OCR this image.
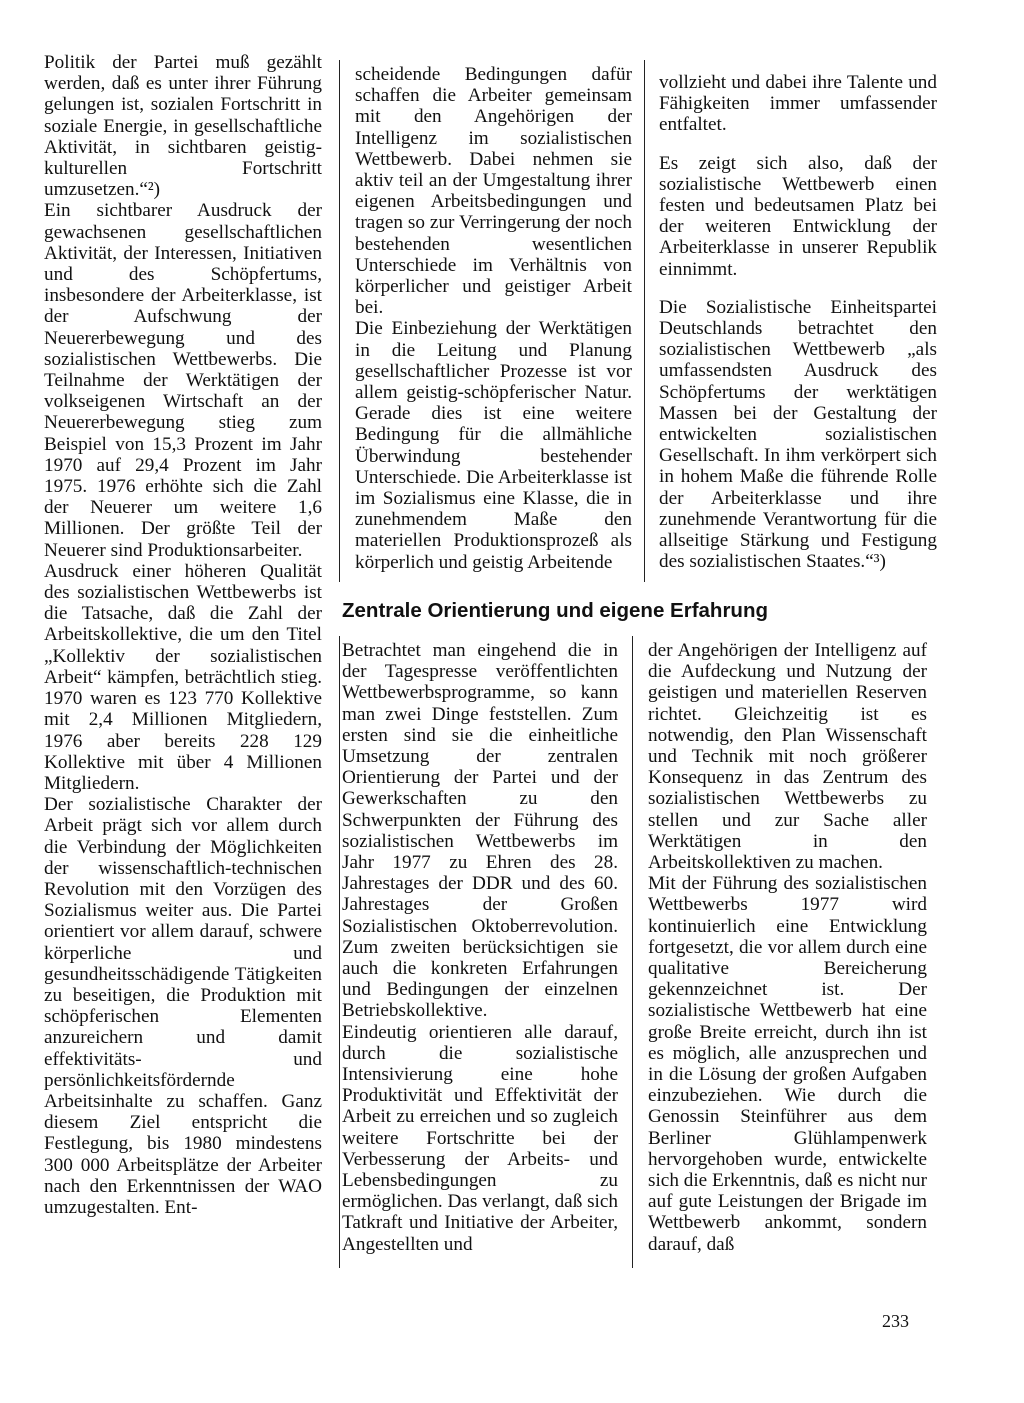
Politik der Partei muß gezählt werden, daß es unter ihrer Führung gelungen ist, sozialen Fortschritt in soziale Energie, in gesellschaftliche Aktivität, in sichtbaren geistig-kulturellen Fortschritt umzusetzen.“²)

Ein sichtbarer Ausdruck der gewachsenen gesellschaftlichen Aktivität, der Interessen, Initiativen und des Schöpfertums, insbesondere der Arbeiterklasse, ist der Aufschwung der Neuererbewegung und des sozialistischen Wettbewerbs. Die Teilnahme der Werktätigen der volkseigenen Wirtschaft an der Neuererbewegung stieg zum Beispiel von 15,3 Prozent im Jahr 1970 auf 29,4 Prozent im Jahr 1975. 1976 erhöhte sich die Zahl der Neuerer um weitere 1,6 Millionen. Der größte Teil der Neuerer sind Produktionsarbeiter.

Ausdruck einer höheren Qualität des sozialistischen Wettbewerbs ist die Tatsache, daß die Zahl der Arbeitskollektive, die um den Titel „Kollektiv der sozialistischen Arbeit“ kämpfen, beträchtlich stieg. 1970 waren es 123 770 Kollektive mit 2,4 Millionen Mitgliedern, 1976 aber bereits 228 129 Kollektive mit über 4 Millionen Mitgliedern.

Der sozialistische Charakter der Arbeit prägt sich vor allem durch die Verbindung der Möglichkeiten der wissenschaftlich-technischen Revolution mit den Vorzügen des Sozialismus weiter aus. Die Partei orientiert vor allem darauf, schwere körperliche und gesundheitsschädigende Tätigkeiten zu beseitigen, die Produktion mit schöpferischen Elementen anzureichern und damit effektivitäts- und persönlichkeitsfördernde Arbeitsinhalte zu schaffen. Ganz diesem Ziel entspricht die Festlegung, bis 1980 mindestens 300 000 Arbeitsplätze der Arbeiter nach den Erkenntnissen der WAO umzugestalten. Ent-

scheidende Bedingungen dafür schaffen die Arbeiter gemeinsam mit den Angehörigen der Intelligenz im sozialistischen Wettbewerb. Dabei nehmen sie aktiv teil an der Umgestaltung ihrer eigenen Arbeitsbedingungen und tragen so zur Verringerung der noch bestehenden wesentlichen Unterschiede im Verhältnis von körperlicher und geistiger Arbeit bei.

Die Einbeziehung der Werktätigen in die Leitung und Planung gesellschaftlicher Prozesse ist vor allem geistig-schöpferischer Natur. Gerade dies ist eine weitere Bedingung für die allmähliche Überwindung bestehender Unterschiede. Die Arbeiterklasse ist im Sozialismus eine Klasse, die in zunehmendem Maße den materiellen Produktionsprozeß als körperlich und geistig Arbeitende

vollzieht und dabei ihre Talente und Fähigkeiten immer umfassender entfaltet.

Es zeigt sich also, daß der sozialistische Wettbewerb einen festen und bedeutsamen Platz bei der weiteren Entwicklung der Arbeiterklasse in unserer Republik einnimmt.

Die Sozialistische Einheitspartei Deutschlands betrachtet den sozialistischen Wettbewerb „als umfassendsten Ausdruck des Schöpfertums der werktätigen Massen bei der Gestaltung der entwickelten sozialistischen Gesellschaft. In ihm verkörpert sich in hohem Maße die führende Rolle der Arbeiterklasse und ihre zunehmende Verantwortung für die allseitige Stärkung und Festigung des sozialistischen Staates.“³)

Zentrale Orientierung und eigene Erfahrung

Betrachtet man eingehend die in der Tagespresse veröffentlichten Wettbewerbsprogramme, so kann man zwei Dinge feststellen. Zum ersten sind sie die einheitliche Umsetzung der zentralen Orientierung der Partei und der Gewerkschaften zu den Schwerpunkten der Führung des sozialistischen Wettbewerbs im Jahr 1977 zu Ehren des 28. Jahrestages der DDR und des 60. Jahrestages der Großen Sozialistischen Oktoberrevolution. Zum zweiten berücksichtigen sie auch die konkreten Erfahrungen und Bedingungen der einzelnen Betriebskollektive.

Eindeutig orientieren alle darauf, durch die sozialistische Intensivierung eine hohe Produktivität und Effektivität der Arbeit zu erreichen und so zugleich weitere Fortschritte bei der Verbesserung der Arbeits- und Lebensbedingungen zu ermöglichen. Das verlangt, daß sich Tatkraft und Initiative der Arbeiter, Angestellten und

der Angehörigen der Intelligenz auf die Aufdeckung und Nutzung der geistigen und materiellen Reserven richtet. Gleichzeitig ist es notwendig, den Plan Wissenschaft und Technik mit noch größerer Konsequenz in das Zentrum des sozialistischen Wettbewerbs zu stellen und zur Sache aller Werktätigen in den Arbeitskollektiven zu machen.

Mit der Führung des sozialistischen Wettbewerbs 1977 wird kontinuierlich eine Entwicklung fortgesetzt, die vor allem durch eine qualitative Bereicherung gekennzeichnet ist. Der sozialistische Wettbewerb hat eine große Breite erreicht, durch ihn ist es möglich, alle anzusprechen und in die Lösung der großen Aufgaben einzubeziehen. Wie durch die Genossin Steinführer aus dem Berliner Glühlampenwerk hervorgehoben wurde, entwickelte sich die Erkenntnis, daß es nicht nur auf gute Leistungen der Brigade im Wettbewerb ankommt, sondern darauf, daß

233
